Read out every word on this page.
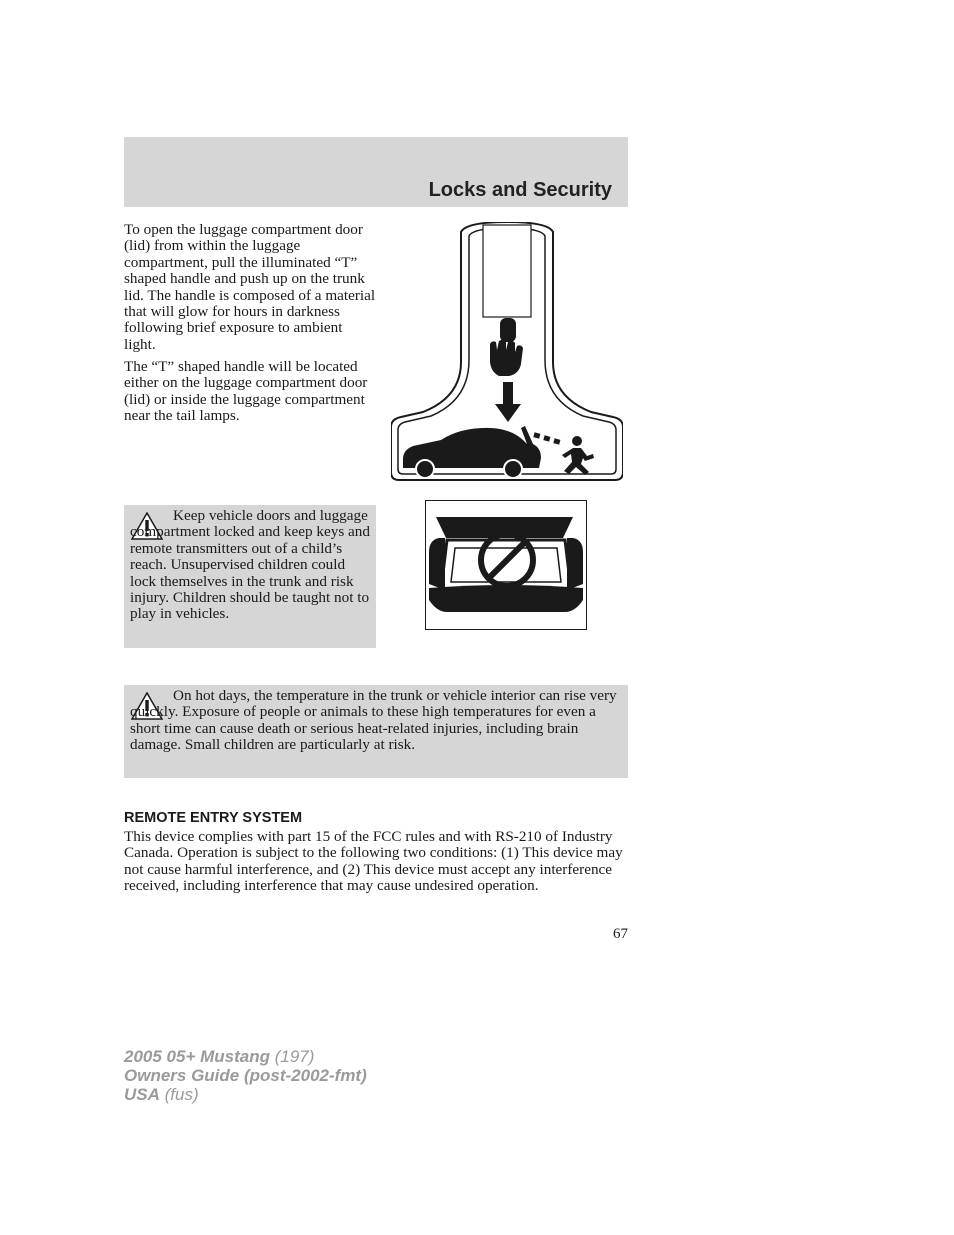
Locks and Security

To open the luggage compartment door (lid) from within the luggage compartment, pull the illuminated “T” shaped handle and push up on the trunk lid. The handle is composed of a material that will glow for hours in darkness following brief exposure to ambient light.

The “T” shaped handle will be located either on the luggage compartment door (lid) or inside the luggage compartment near the tail lamps.

Keep vehicle doors and luggage compartment locked and keep keys and remote transmitters out of a child’s reach. Unsupervised children could lock themselves in the trunk and risk injury. Children should be taught not to play in vehicles.

On hot days, the temperature in the trunk or vehicle interior can rise very quickly. Exposure of people or animals to these high temperatures for even a short time can cause death or serious heat-related injuries, including brain damage. Small children are particularly at risk.

REMOTE ENTRY SYSTEM

This device complies with part 15 of the FCC rules and with RS-210 of Industry Canada. Operation is subject to the following two conditions: (1) This device may not cause harmful interference, and (2) This device must accept any interference received, including interference that may cause undesired operation.

67
2005 05+ Mustang (197)
Owners Guide (post-2002-fmt)
USA (fus)
